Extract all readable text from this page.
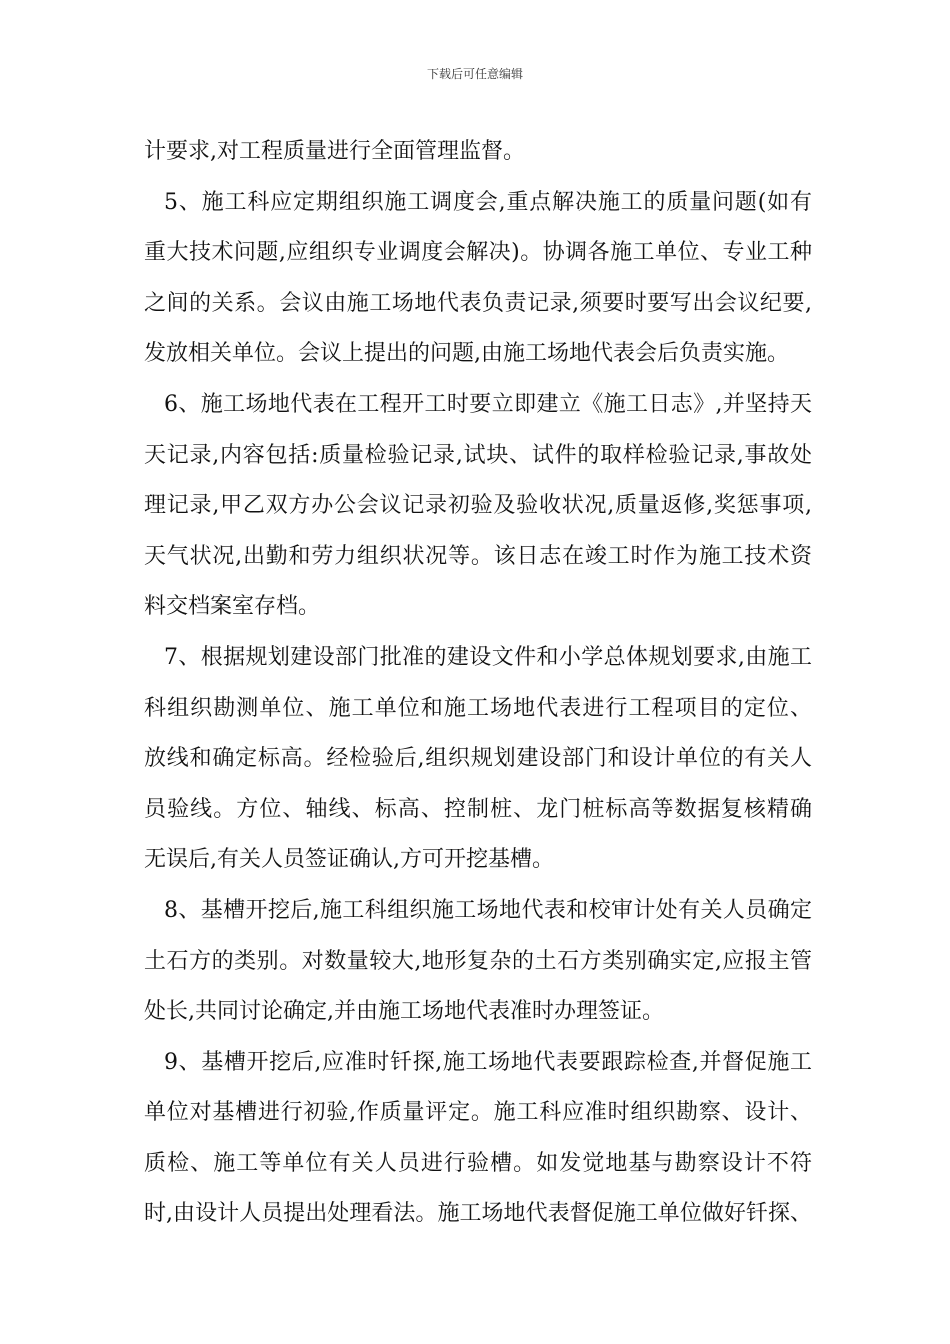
下载后可任意编辑
计要求,对工程质量进行全面管理监督。
5、施工科应定期组织施工调度会,重点解决施工的质量问题(如有
重大技术问题,应组织专业调度会解决)。协调各施工单位、专业工种
之间的关系。会议由施工场地代表负责记录,须要时要写出会议纪要,
发放相关单位。会议上提出的问题,由施工场地代表会后负责实施。
6、施工场地代表在工程开工时要立即建立《施工日志》,并坚持天
天记录,内容包括:质量检验记录,试块、试件的取样检验记录,事故处
理记录,甲乙双方办公会议记录初验及验收状况,质量返修,奖惩事项,
天气状况,出勤和劳力组织状况等。该日志在竣工时作为施工技术资
料交档案室存档。
7、根据规划建设部门批准的建设文件和小学总体规划要求,由施工
科组织勘测单位、施工单位和施工场地代表进行工程项目的定位、
放线和确定标高。经检验后,组织规划建设部门和设计单位的有关人
员验线。方位、轴线、标高、控制桩、龙门桩标高等数据复核精确
无误后,有关人员签证确认,方可开挖基槽。
8、基槽开挖后,施工科组织施工场地代表和校审计处有关人员确定
土石方的类别。对数量较大,地形复杂的土石方类别确实定,应报主管
处长,共同讨论确定,并由施工场地代表准时办理签证。
9、基槽开挖后,应准时钎探,施工场地代表要跟踪检查,并督促施工
单位对基槽进行初验,作质量评定。施工科应准时组织勘察、设计、
质检、施工等单位有关人员进行验槽。如发觉地基与勘察设计不符
时,由设计人员提出处理看法。施工场地代表督促施工单位做好钎探、
